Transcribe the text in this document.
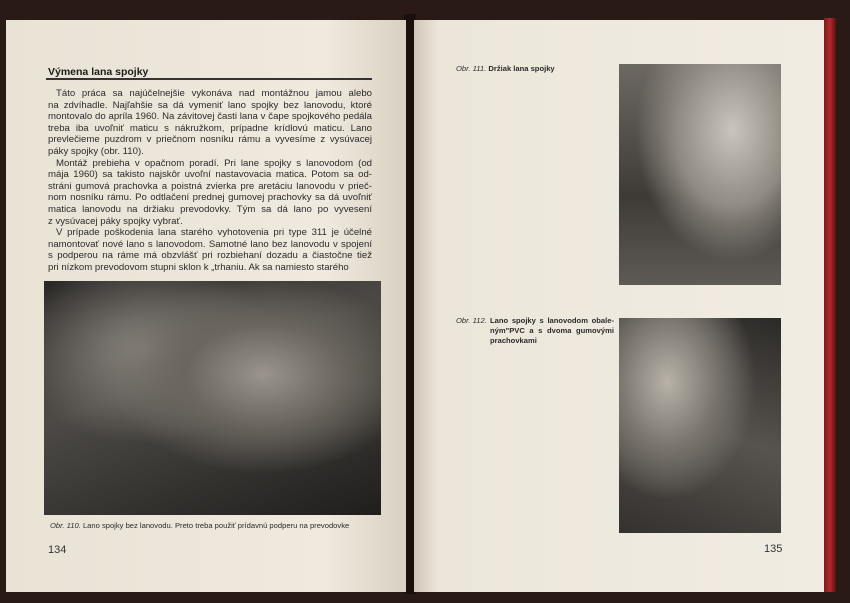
Výmena lana spojky
Táto práca sa najúčelnejšie vykonáva nad montážnou jamou alebo
na zdvíhadle. Najľahšie sa dá vymeniť lano spojky bez lanovodu, ktoré
montovalo do apríla 1960. Na závitovej časti lana v čape spojkového pedála
treba iba uvoľniť maticu s nákružkom, prípadne krídlovú maticu. Lano
prevlečieme puzdrom v priečnom nosníku rámu a vyvesíme z vysúvacej
páky spojky (obr. 110).
Montáž prebieha v opačnom poradí. Pri lane spojky s lanovodom (od
mája 1960) sa takisto najskôr uvoľní nastavovacia matica. Potom sa od-
stráni gumová prachovka a poistná zvierka pre aretáciu lanovodu v prieč-
nom nosníku rámu. Po odtlačení prednej gumovej prachovky sa dá uvoľniť
matica lanovodu na držiaku prevodovky. Tým sa dá lano po vyvesení
z vysúvacej páky spojky vybrať.
V prípade poškodenia lana starého vyhotovenia pri type 311 je účelné
namontovať nové lano s lanovodom. Samotné lano bez lanovodu v spojení
s podperou na ráme má obzvlášť pri rozbiehaní dozadu a čiastočne tiež
pri nízkom prevodovom stupni sklon k „trhaniu. Ak sa namiesto starého
Obr. 110. Lano spojky bez lanovodu. Preto treba použiť prídavnú podperu na prevodovke
134
Obr. 111. Držiak lana spojky
Obr. 112. Lano spojky s lanovodom obale-
ným"PVC a s dvoma gumovými
prachovkami
135
